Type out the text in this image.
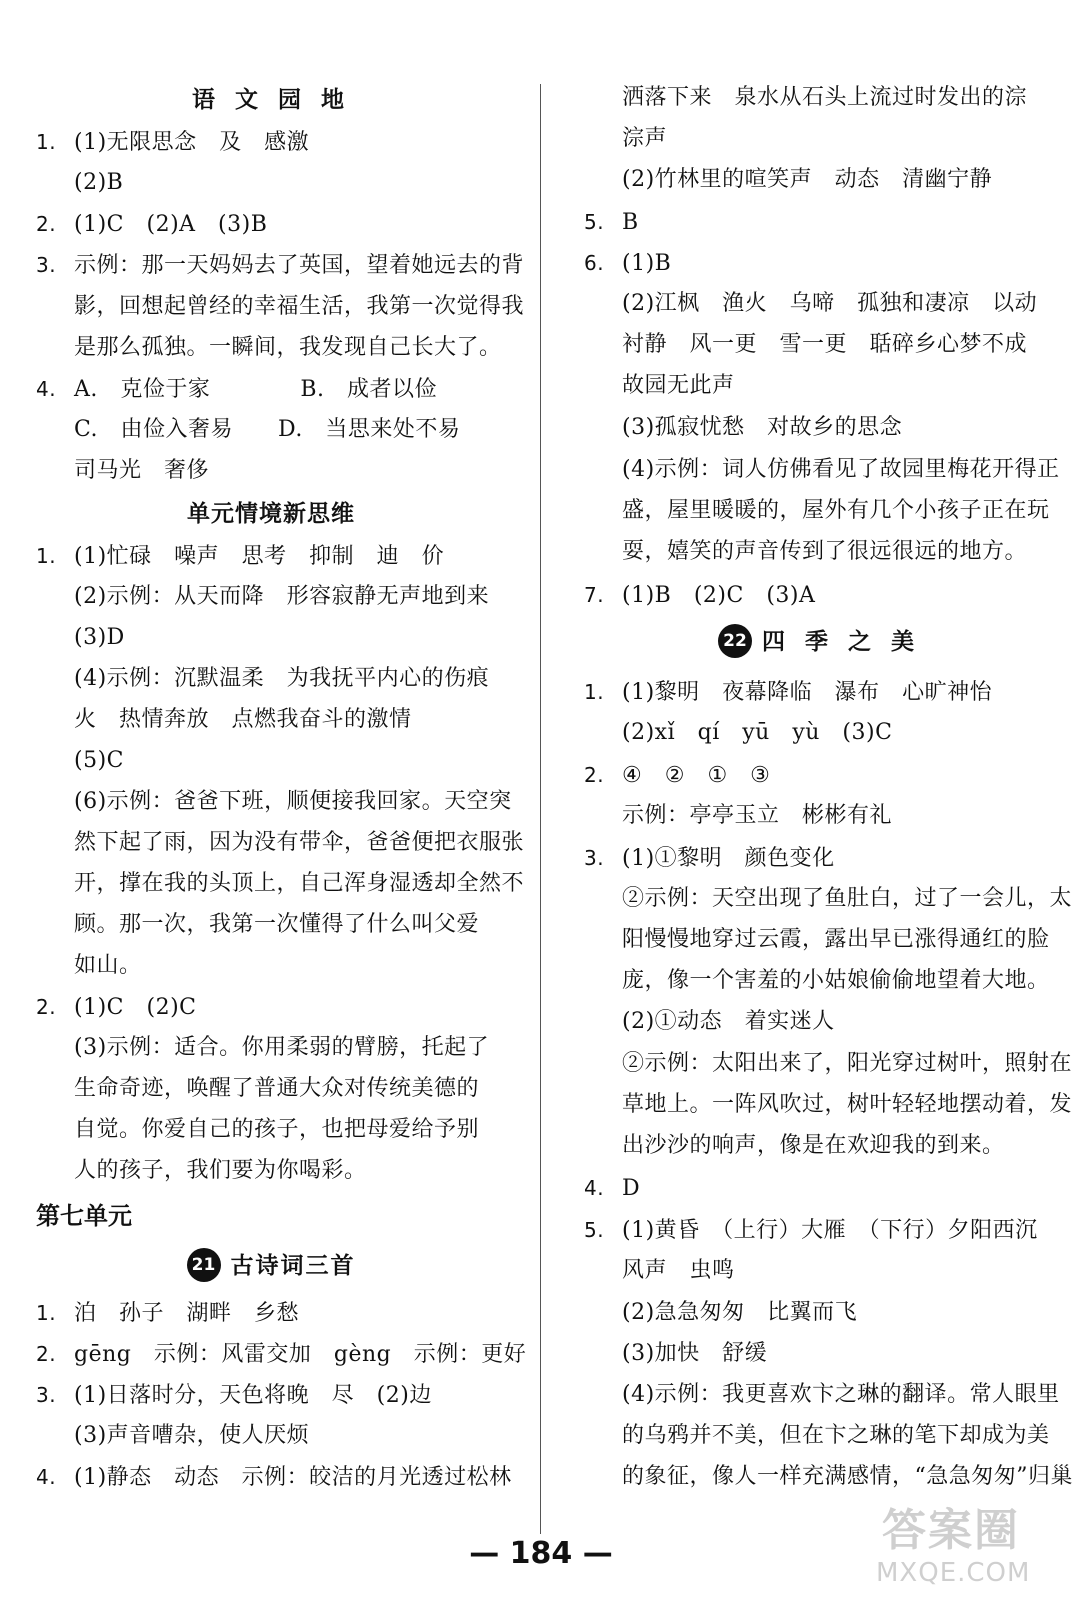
语 文 园 地
1. (1)无限思念　及　感激
(2)B
2. (1)C　(2)A　(3)B
3. 示例：那一天妈妈去了英国，望着她远去的背
影，回想起曾经的幸福生活，我第一次觉得我
是那么孤独。一瞬间，我发现自己长大了。
4. A.　克俭于家　　　　B.　成者以俭
C.　由俭入奢易　　D.　当思来处不易
司马光　奢侈
单元情境新思维
1. (1)忙碌　噪声　思考　抑制　迪　价
(2)示例：从天而降　形容寂静无声地到来
(3)D
(4)示例：沉默温柔　为我抚平内心的伤痕
火　热情奔放　点燃我奋斗的激情
(5)C
(6)示例：爸爸下班，顺便接我回家。天空突
然下起了雨，因为没有带伞，爸爸便把衣服张
开，撑在我的头顶上，自己浑身湿透却全然不
顾。那一次，我第一次懂得了什么叫父爱
如山。
2. (1)C　(2)C
(3)示例：适合。你用柔弱的臂膀，托起了
生命奇迹，唤醒了普通大众对传统美德的
自觉。你爱自己的孩子，也把母爱给予别
人的孩子，我们要为你喝彩。
第七单元
21 古诗词三首
1. 泊　孙子　湖畔　乡愁
2. gēng　示例：风雷交加　gèng　示例：更好
3. (1)日落时分，天色将晚　尽　(2)边
(3)声音嘈杂，使人厌烦
4. (1)静态　动态　示例：皎洁的月光透过松林
洒落下来　泉水从石头上流过时发出的淙
淙声
(2)竹林里的喧笑声　动态　清幽宁静
5. B
6. (1)B
(2)江枫　渔火　乌啼　孤独和凄凉　以动
衬静　风一更　雪一更　聒碎乡心梦不成
故园无此声
(3)孤寂忧愁　对故乡的思念
(4)示例：词人仿佛看见了故园里梅花开得正
盛，屋里暖暖的，屋外有几个小孩子正在玩
耍，嬉笑的声音传到了很远很远的地方。
7. (1)B　(2)C　(3)A
22 四 季 之 美
1. (1)黎明　夜幕降临　瀑布　心旷神怡
(2)xǐ　qí　yū　yù　(3)C
2. ④　②　①　③
示例：亭亭玉立　彬彬有礼
3. (1)①黎明　颜色变化
②示例：天空出现了鱼肚白，过了一会儿，太
阳慢慢地穿过云霞，露出早已涨得通红的脸
庞，像一个害羞的小姑娘偷偷地望着大地。
(2)①动态　着实迷人
②示例：太阳出来了，阳光穿过树叶，照射在
草地上。一阵风吹过，树叶轻轻地摆动着，发
出沙沙的响声，像是在欢迎我的到来。
4. D
5. (1)黄昏　（上行）大雁　（下行）夕阳西沉
风声　虫鸣
(2)急急匆匆　比翼而飞
(3)加快　舒缓
(4)示例：我更喜欢卞之琳的翻译。常人眼里
的乌鸦并不美，但在卞之琳的笔下却成为美
的象征，像人一样充满感情，“急急匆匆”归巢
— 184 —	答案圈
MXQE.COM
